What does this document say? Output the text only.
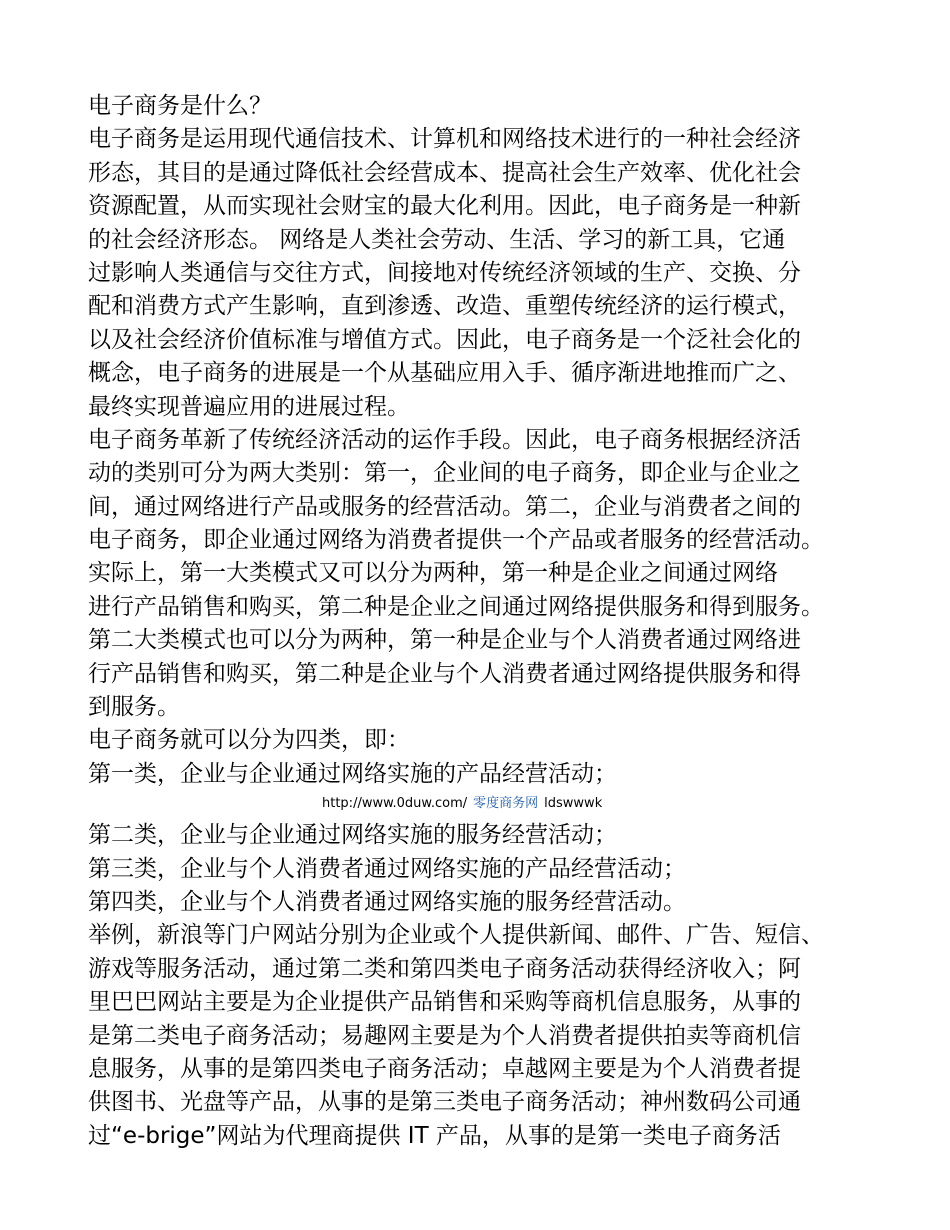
电子商务是什么？
电子商务是运用现代通信技术、计算机和网络技术进行的一种社会经济
形态，其目的是通过降低社会经营成本、提高社会生产效率、优化社会
资源配置，从而实现社会财宝的最大化利用。因此，电子商务是一种新
的社会经济形态。 网络是人类社会劳动、生活、学习的新工具，它通
过影响人类通信与交往方式，间接地对传统经济领域的生产、交换、分
配和消费方式产生影响，直到渗透、改造、重塑传统经济的运行模式，
以及社会经济价值标准与增值方式。因此，电子商务是一个泛社会化的
概念，电子商务的进展是一个从基础应用入手、循序渐进地推而广之、
最终实现普遍应用的进展过程。
电子商务革新了传统经济活动的运作手段。因此，电子商务根据经济活
动的类别可分为两大类别：第一，企业间的电子商务，即企业与企业之
间，通过网络进行产品或服务的经营活动。第二，企业与消费者之间的
电子商务，即企业通过网络为消费者提供一个产品或者服务的经营活动。
实际上，第一大类模式又可以分为两种，第一种是企业之间通过网络
进行产品销售和购买，第二种是企业之间通过网络提供服务和得到服务。
第二大类模式也可以分为两种，第一种是企业与个人消费者通过网络进
行产品销售和购买，第二种是企业与个人消费者通过网络提供服务和得
到服务。
电子商务就可以分为四类，即：
第一类，企业与企业通过网络实施的产品经营活动；
http://www.0duw.com/ 零度商务网 ldswwwk
第二类，企业与企业通过网络实施的服务经营活动；
第三类，企业与个人消费者通过网络实施的产品经营活动；
第四类，企业与个人消费者通过网络实施的服务经营活动。
举例，新浪等门户网站分别为企业或个人提供新闻、邮件、广告、短信、
游戏等服务活动，通过第二类和第四类电子商务活动获得经济收入；阿
里巴巴网站主要是为企业提供产品销售和采购等商机信息服务，从事的
是第二类电子商务活动；易趣网主要是为个人消费者提供拍卖等商机信
息服务，从事的是第四类电子商务活动；卓越网主要是为个人消费者提
供图书、光盘等产品，从事的是第三类电子商务活动；神州数码公司通
过“e-brige”网站为代理商提供 IT 产品，从事的是第一类电子商务活
